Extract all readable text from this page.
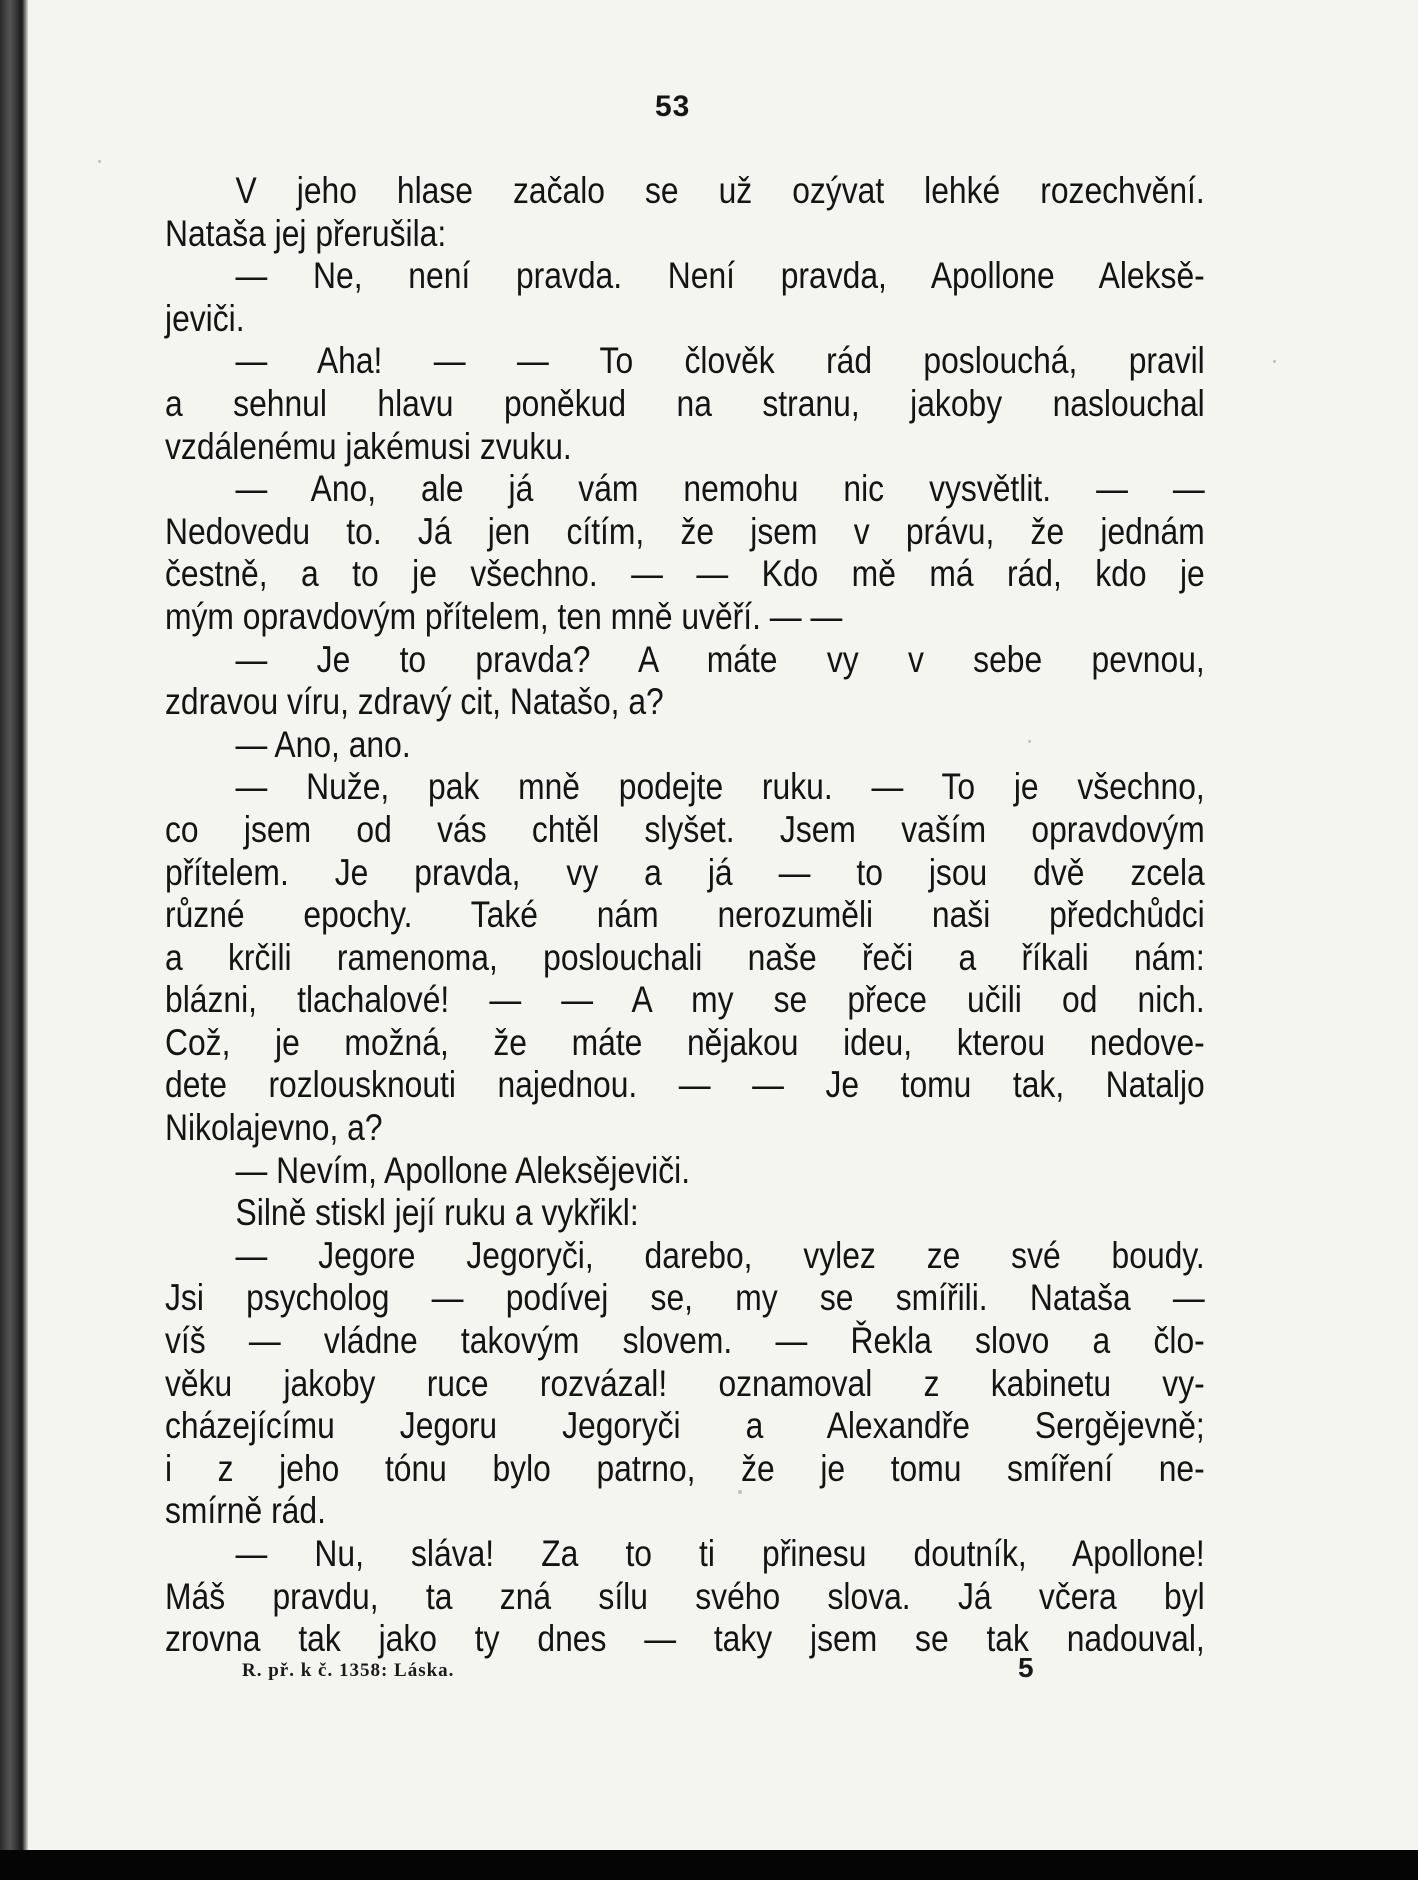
53
V jeho hlase začalo se už ozývat lehké rozechvění.
Nataša jej přerušila:
— Ne, není pravda. Není pravda, Apollone Aleksě-
jeviči.
— Aha! — — To člověk rád poslouchá, pravil
a sehnul hlavu poněkud na stranu, jakoby naslouchal
vzdálenému jakémusi zvuku.
— Ano, ale já vám nemohu nic vysvětlit. — —
Nedovedu to. Já jen cítím, že jsem v právu, že jednám
čestně, a to je všechno. — — Kdo mě má rád, kdo je
mým opravdovým přítelem, ten mně uvěří. — —
— Je to pravda? A máte vy v sebe pevnou,
zdravou víru, zdravý cit, Natašo, a?
— Ano, ano.
— Nuže, pak mně podejte ruku. — To je všechno,
co jsem od vás chtěl slyšet. Jsem vaším opravdovým
přítelem. Je pravda, vy a já — to jsou dvě zcela
různé epochy. Také nám nerozuměli naši předchůdci
a krčili ramenoma, poslouchali naše řeči a říkali nám:
blázni, tlachalové! — — A my se přece učili od nich.
Což, je možná, že máte nějakou ideu, kterou nedove-
dete rozlousknouti najednou. — — Je tomu tak, Nataljo
Nikolajevno, a?
— Nevím, Apollone Aleksějeviči.
Silně stiskl její ruku a vykřikl:
— Jegore Jegoryči, darebo, vylez ze své boudy.
Jsi psycholog — podívej se, my se smířili. Nataša —
víš — vládne takovým slovem. — Řekla slovo a člo-
věku jakoby ruce rozvázal! oznamoval z kabinetu vy-
cházejícímu Jegoru Jegoryči a Alexandře Sergějevně;
i z jeho tónu bylo patrno, že je tomu smíření ne-
smírně rád.
— Nu, sláva! Za to ti přinesu doutník, Apollone!
Máš pravdu, ta zná sílu svého slova. Já včera byl
zrovna tak jako ty dnes — taky jsem se tak nadouval,
R. př. k č. 1358: Láska.	5
